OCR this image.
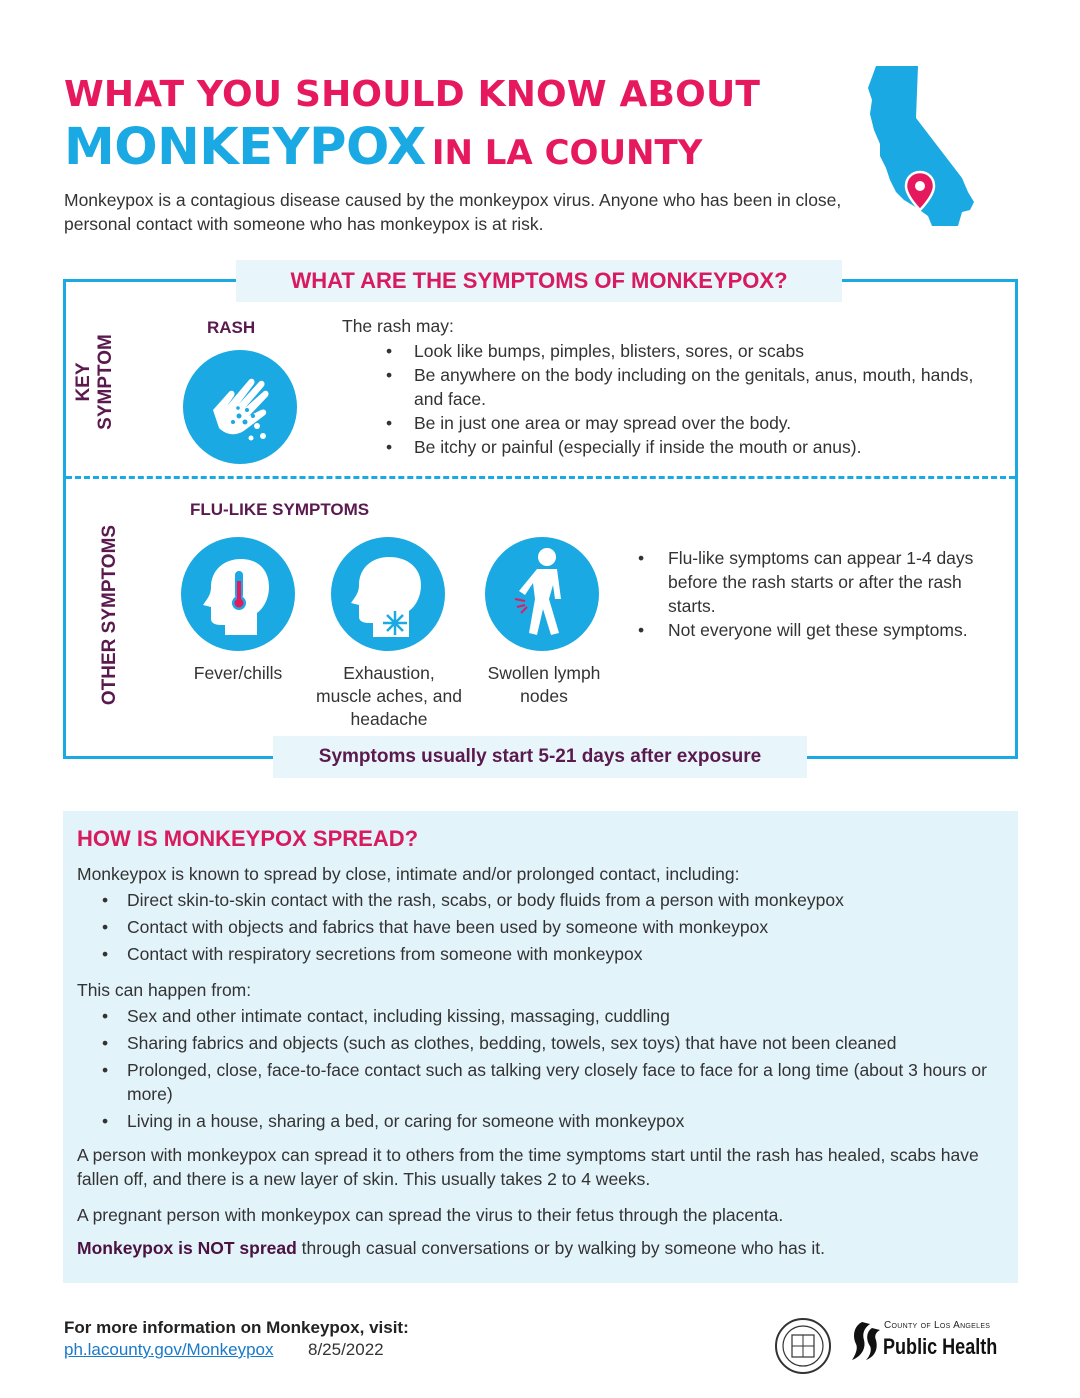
WHAT YOU SHOULD KNOW ABOUT
MONKEYPOX IN LA COUNTY
Monkeypox is a contagious disease caused by the monkeypox virus. Anyone who has been in close, personal contact with someone who has monkeypox is at risk.
WHAT ARE THE SYMPTOMS OF MONKEYPOX?
KEY SYMPTOM
OTHER SYMPTOMS
RASH	The rash may:
• Look like bumps, pimples, blisters, sores, or scabs
• Be anywhere on the body including on the genitals, anus, mouth, hands, and face.
• Be in just one area or may spread over the body.
• Be itchy or painful (especially if inside the mouth or anus).
FLU-LIKE SYMPTOMS
Fever/chills	Exhaustion, muscle aches, and headache
Swollen lymph nodes
• Flu-like symptoms can appear 1-4 days before the rash starts or after the rash starts.
• Not everyone will get these symptoms.
Symptoms usually start 5-21 days after exposure
HOW IS MONKEYPOX SPREAD?
Monkeypox is known to spread by close, intimate and/or prolonged contact, including:
• Direct skin-to-skin contact with the rash, scabs, or body fluids from a person with monkeypox
• Contact with objects and fabrics that have been used by someone with monkeypox
• Contact with respiratory secretions from someone with monkeypox
This can happen from:
• Sex and other intimate contact, including kissing, massaging, cuddling
• Sharing fabrics and objects (such as clothes, bedding, towels, sex toys) that have not been cleaned
• Prolonged, close, face-to-face contact such as talking very closely face to face for a long time (about 3 hours or more)
• Living in a house, sharing a bed, or caring for someone with monkeypox
A person with monkeypox can spread it to others from the time symptoms start until the rash has healed, scabs have fallen off, and there is a new layer of skin. This usually takes 2 to 4 weeks.
A pregnant person with monkeypox can spread the virus to their fetus through the placenta.
Monkeypox is NOT spread through casual conversations or by walking by someone who has it.
For more information on Monkeypox, visit:
ph.lacounty.gov/Monkeypox 8/25/2022
County of Los Angeles
Public Health
